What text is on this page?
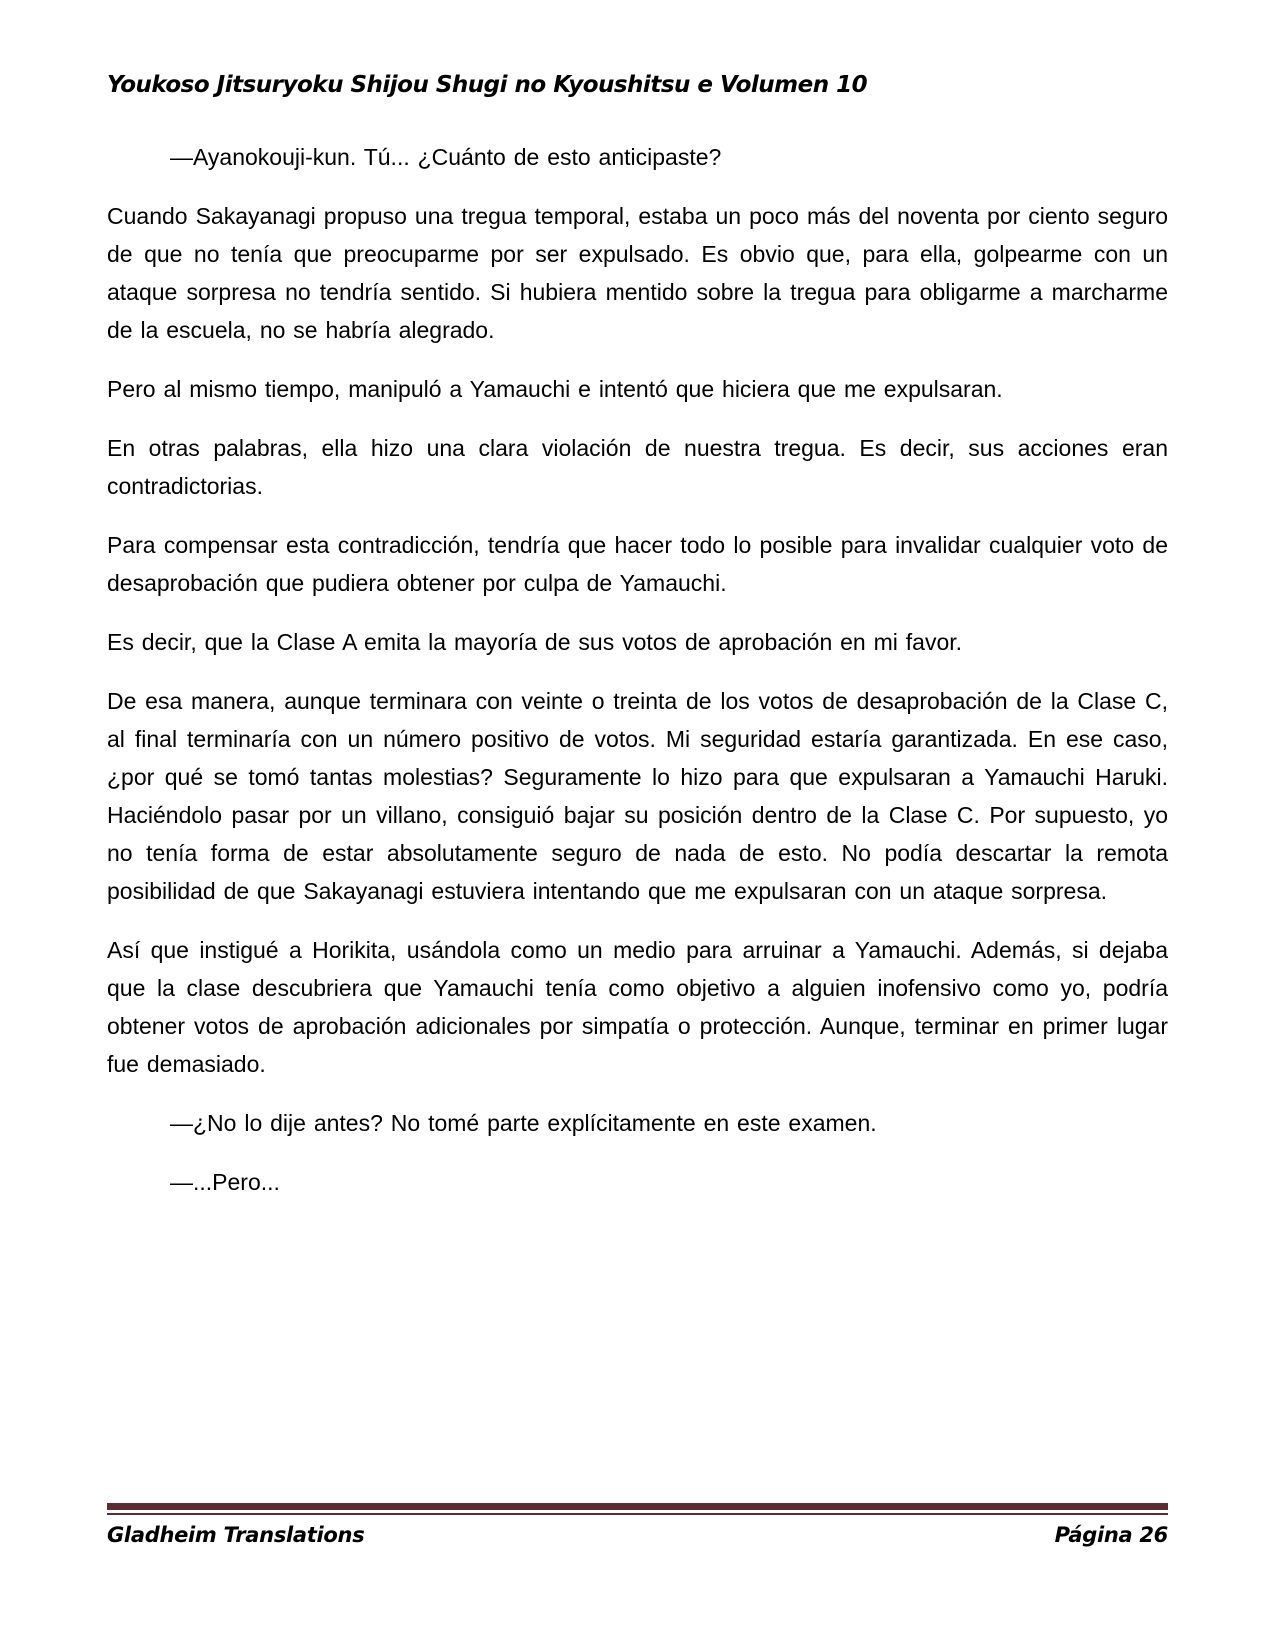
Youkoso Jitsuryoku Shijou Shugi no Kyoushitsu e Volumen 10

—Ayanokouji-kun. Tú... ¿Cuánto de esto anticipaste?

Cuando Sakayanagi propuso una tregua temporal, estaba un poco más del noventa por ciento seguro de que no tenía que preocuparme por ser expulsado. Es obvio que, para ella, golpearme con un ataque sorpresa no tendría sentido. Si hubiera mentido sobre la tregua para obligarme a marcharme de la escuela, no se habría alegrado.

Pero al mismo tiempo, manipuló a Yamauchi e intentó que hiciera que me expulsaran.

En otras palabras, ella hizo una clara violación de nuestra tregua. Es decir, sus acciones eran contradictorias.

Para compensar esta contradicción, tendría que hacer todo lo posible para invalidar cualquier voto de desaprobación que pudiera obtener por culpa de Yamauchi.

Es decir, que la Clase A emita la mayoría de sus votos de aprobación en mi favor.

De esa manera, aunque terminara con veinte o treinta de los votos de desaprobación de la Clase C, al final terminaría con un número positivo de votos. Mi seguridad estaría garantizada. En ese caso, ¿por qué se tomó tantas molestias? Seguramente lo hizo para que expulsaran a Yamauchi Haruki. Haciéndolo pasar por un villano, consiguió bajar su posición dentro de la Clase C. Por supuesto, yo no tenía forma de estar absolutamente seguro de nada de esto. No podía descartar la remota posibilidad de que Sakayanagi estuviera intentando que me expulsaran con un ataque sorpresa.

Así que instigué a Horikita, usándola como un medio para arruinar a Yamauchi. Además, si dejaba que la clase descubriera que Yamauchi tenía como objetivo a alguien inofensivo como yo, podría obtener votos de aprobación adicionales por simpatía o protección. Aunque, terminar en primer lugar fue demasiado.

—¿No lo dije antes? No tomé parte explícitamente en este examen.

—...Pero...

Gladheim Translations	Página 26
